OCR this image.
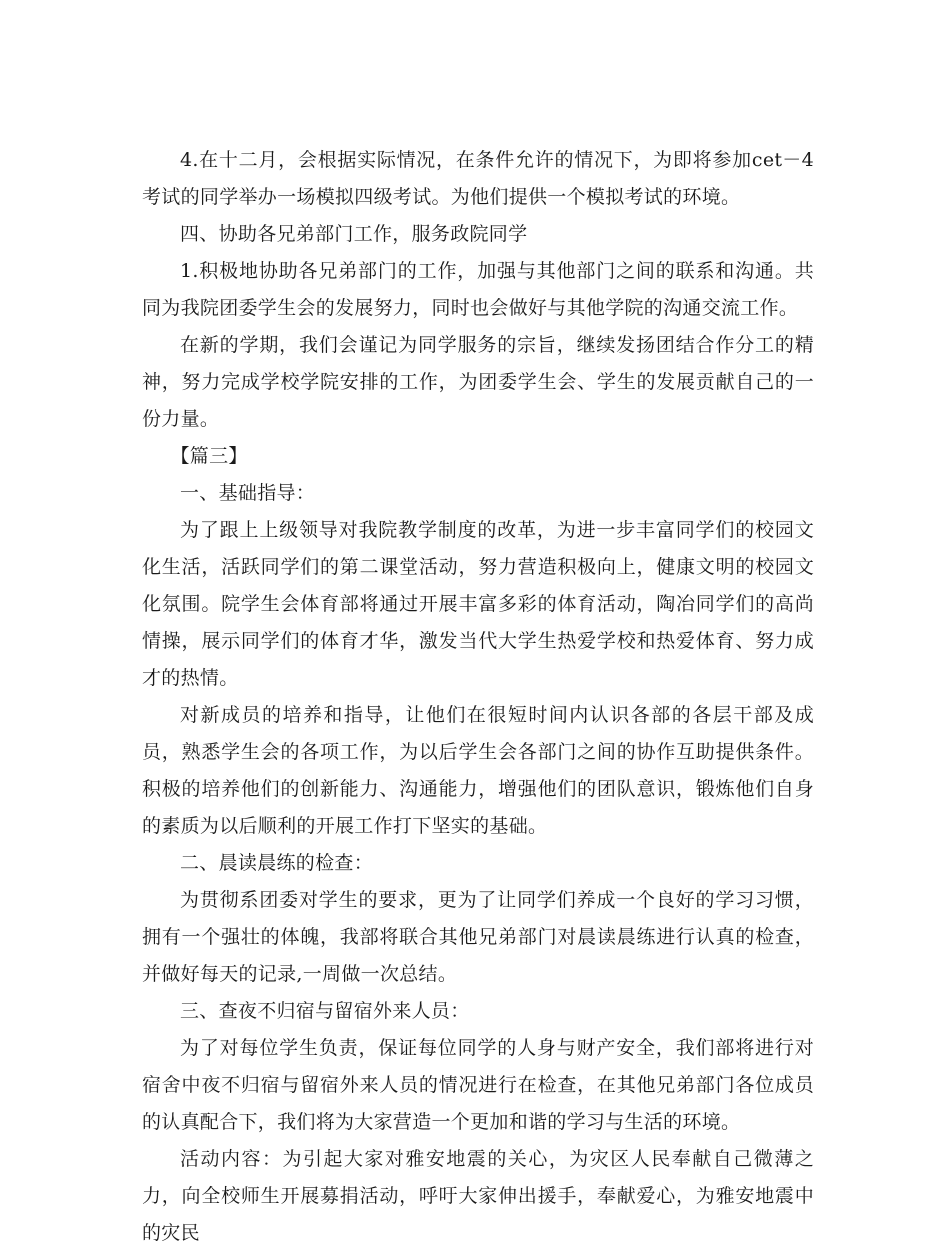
4.在十二月，会根据实际情况，在条件允许的情况下，为即将参加cet－4考试的同学举办一场模拟四级考试。为他们提供一个模拟考试的环境。

四、协助各兄弟部门工作，服务政院同学

1.积极地协助各兄弟部门的工作，加强与其他部门之间的联系和沟通。共同为我院团委学生会的发展努力，同时也会做好与其他学院的沟通交流工作。

在新的学期，我们会谨记为同学服务的宗旨，继续发扬团结合作分工的精神，努力完成学校学院安排的工作，为团委学生会、学生的发展贡献自己的一份力量。

【篇三】

一、基础指导：

为了跟上上级领导对我院教学制度的改革，为进一步丰富同学们的校园文化生活，活跃同学们的第二课堂活动，努力营造积极向上，健康文明的校园文化氛围。院学生会体育部将通过开展丰富多彩的体育活动，陶冶同学们的高尚情操，展示同学们的体育才华，激发当代大学生热爱学校和热爱体育、努力成才的热情。

对新成员的培养和指导，让他们在很短时间内认识各部的各层干部及成员，熟悉学生会的各项工作，为以后学生会各部门之间的协作互助提供条件。积极的培养他们的创新能力、沟通能力，增强他们的团队意识，锻炼他们自身的素质为以后顺利的开展工作打下坚实的基础。

二、晨读晨练的检查：

为贯彻系团委对学生的要求，更为了让同学们养成一个良好的学习习惯，拥有一个强壮的体魄，我部将联合其他兄弟部门对晨读晨练进行认真的检查，并做好每天的记录,一周做一次总结。

三、查夜不归宿与留宿外来人员：

为了对每位学生负责，保证每位同学的人身与财产安全，我们部将进行对宿舍中夜不归宿与留宿外来人员的情况进行在检查，在其他兄弟部门各位成员的认真配合下，我们将为大家营造一个更加和谐的学习与生活的环境。

活动内容：为引起大家对雅安地震的关心，为灾区人民奉献自己微薄之力，向全校师生开展募捐活动，呼吁大家伸出援手，奉献爱心，为雅安地震中的灾民
